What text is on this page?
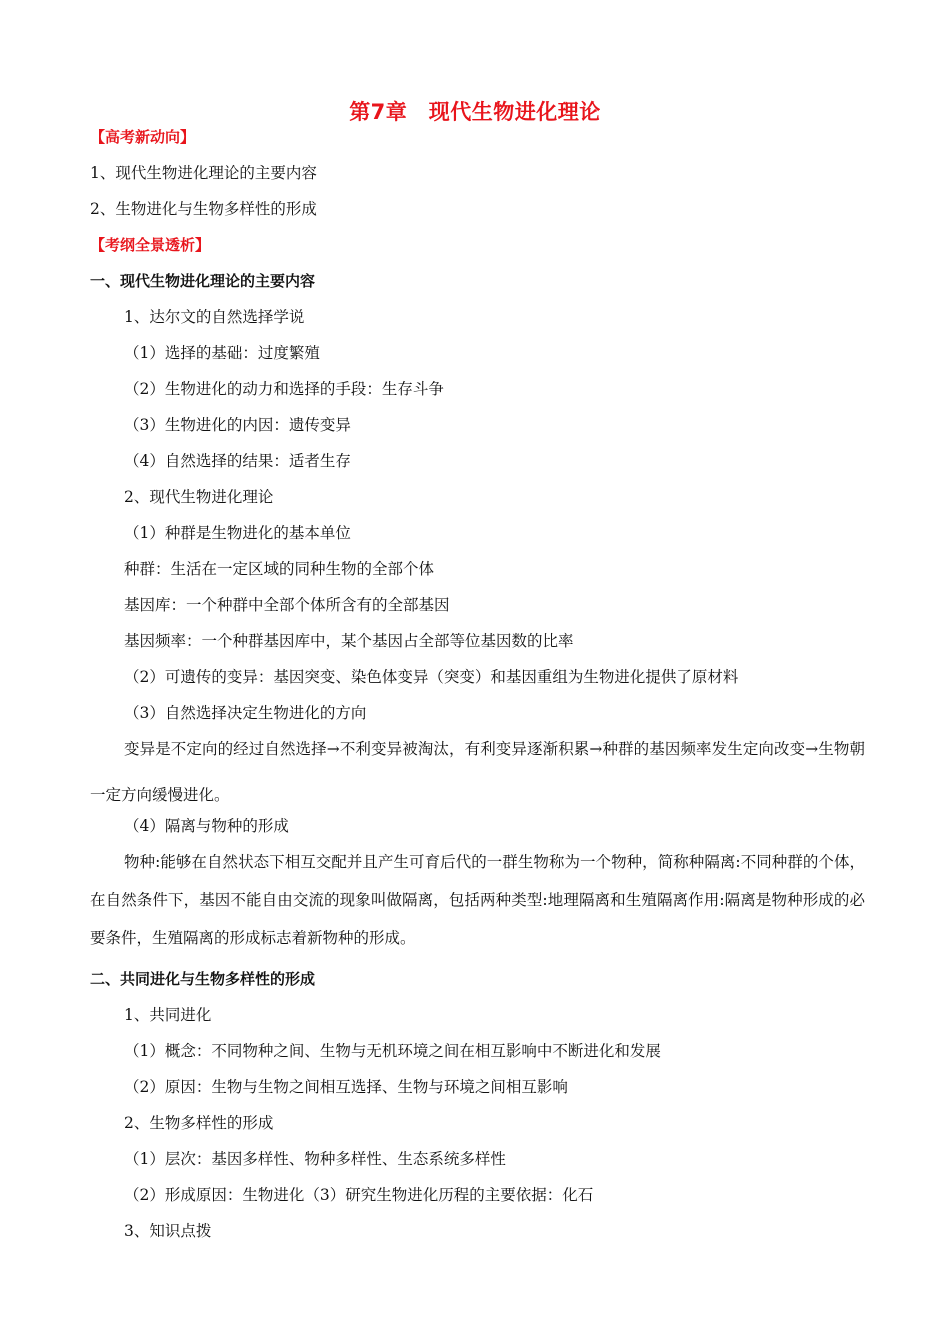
第7章　现代生物进化理论
【高考新动向】
1、现代生物进化理论的主要内容
2、生物进化与生物多样性的形成
【考纲全景透析】
一、现代生物进化理论的主要内容
1、达尔文的自然选择学说
（1）选择的基础：过度繁殖
（2）生物进化的动力和选择的手段：生存斗争
（3）生物进化的内因：遗传变异
（4）自然选择的结果：适者生存
2、现代生物进化理论
（1）种群是生物进化的基本单位
种群：生活在一定区域的同种生物的全部个体
基因库：一个种群中全部个体所含有的全部基因
基因频率：一个种群基因库中，某个基因占全部等位基因数的比率
（2）可遗传的变异：基因突变、染色体变异（突变）和基因重组为生物进化提供了原材料
（3）自然选择决定生物进化的方向
变异是不定向的经过自然选择→不利变异被淘汰，有利变异逐渐积累→种群的基因频率发生定向改变→生物朝一定方向缓慢进化。
（4）隔离与物种的形成
物种:能够在自然状态下相互交配并且产生可育后代的一群生物称为一个物种，简称种隔离:不同种群的个体，在自然条件下，基因不能自由交流的现象叫做隔离，包括两种类型:地理隔离和生殖隔离作用:隔离是物种形成的必要条件，生殖隔离的形成标志着新物种的形成。
二、共同进化与生物多样性的形成
1、共同进化
（1）概念：不同物种之间、生物与无机环境之间在相互影响中不断进化和发展
（2）原因：生物与生物之间相互选择、生物与环境之间相互影响
2、生物多样性的形成
（1）层次：基因多样性、物种多样性、生态系统多样性
（2）形成原因：生物进化（3）研究生物进化历程的主要依据：化石
3、知识点拨
